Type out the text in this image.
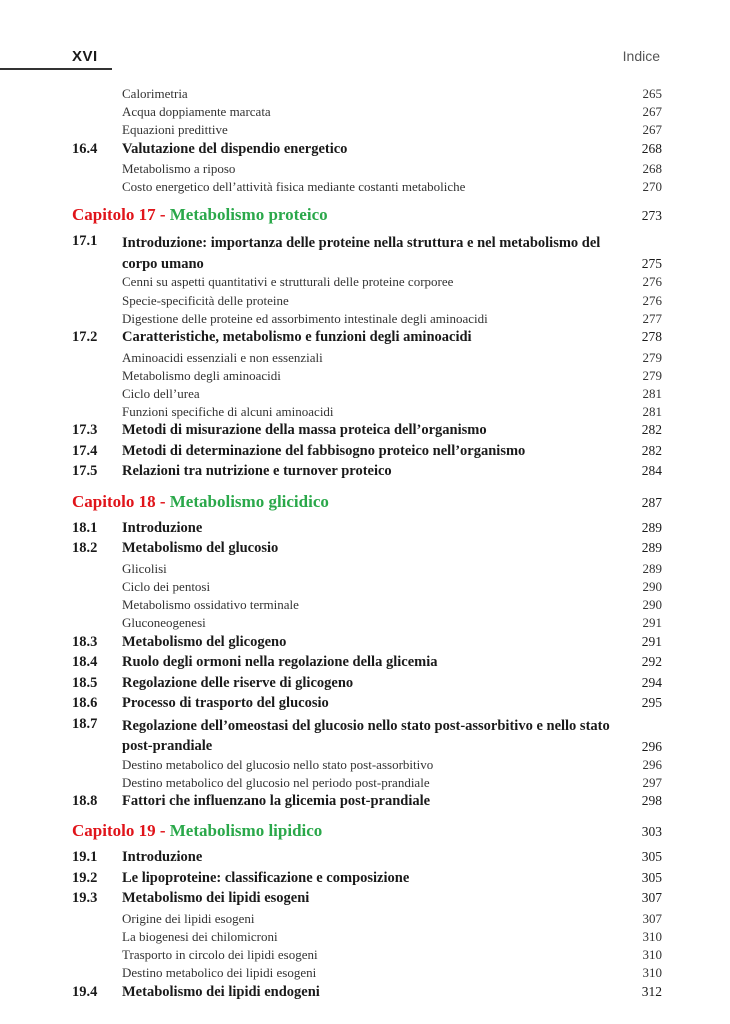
XVI	Indice
Calorimetria	265
Acqua doppiamente marcata	267
Equazioni predittive	267
16.4	Valutazione del dispendio energetico	268
Metabolismo a riposo	268
Costo energetico dell’attività fisica mediante costanti metaboliche	270
Capitolo 17 - Metabolismo proteico	273
17.1	Introduzione: importanza delle proteine nella struttura e nel metabolismo del corpo umano	275
Cenni su aspetti quantitativi e strutturali delle proteine corporee	276
Specie-specificità delle proteine	276
Digestione delle proteine ed assorbimento intestinale degli aminoacidi	277
17.2	Caratteristiche, metabolismo e funzioni degli aminoacidi	278
Aminoacidi essenziali e non essenziali	279
Metabolismo degli aminoacidi	279
Ciclo dell’urea	281
Funzioni specifiche di alcuni aminoacidi	281
17.3	Metodi di misurazione della massa proteica dell’organismo	282
17.4	Metodi di determinazione del fabbisogno proteico nell’organismo	282
17.5	Relazioni tra nutrizione e turnover proteico	284
Capitolo 18 - Metabolismo glicidico	287
18.1	Introduzione	289
18.2	Metabolismo del glucosio	289
Glicolisi	289
Ciclo dei pentosi	290
Metabolismo ossidativo terminale	290
Gluconeogenesi	291
18.3	Metabolismo del glicogeno	291
18.4	Ruolo degli ormoni nella regolazione della glicemia	292
18.5	Regolazione delle riserve di glicogeno	294
18.6	Processo di trasporto del glucosio	295
18.7	Regolazione dell’omeostasi del glucosio nello stato post-assorbitivo e nello stato post-prandiale	296
Destino metabolico del glucosio nello stato post-assorbitivo	296
Destino metabolico del glucosio nel periodo post-prandiale	297
18.8	Fattori che influenzano la glicemia post-prandiale	298
Capitolo 19 - Metabolismo lipidico	303
19.1	Introduzione	305
19.2	Le lipoproteine: classificazione e composizione	305
19.3	Metabolismo dei lipidi esogeni	307
Origine dei lipidi esogeni	307
La biogenesi dei chilomicroni	310
Trasporto in circolo dei lipidi esogeni	310
Destino metabolico dei lipidi esogeni	310
19.4	Metabolismo dei lipidi endogeni	312
